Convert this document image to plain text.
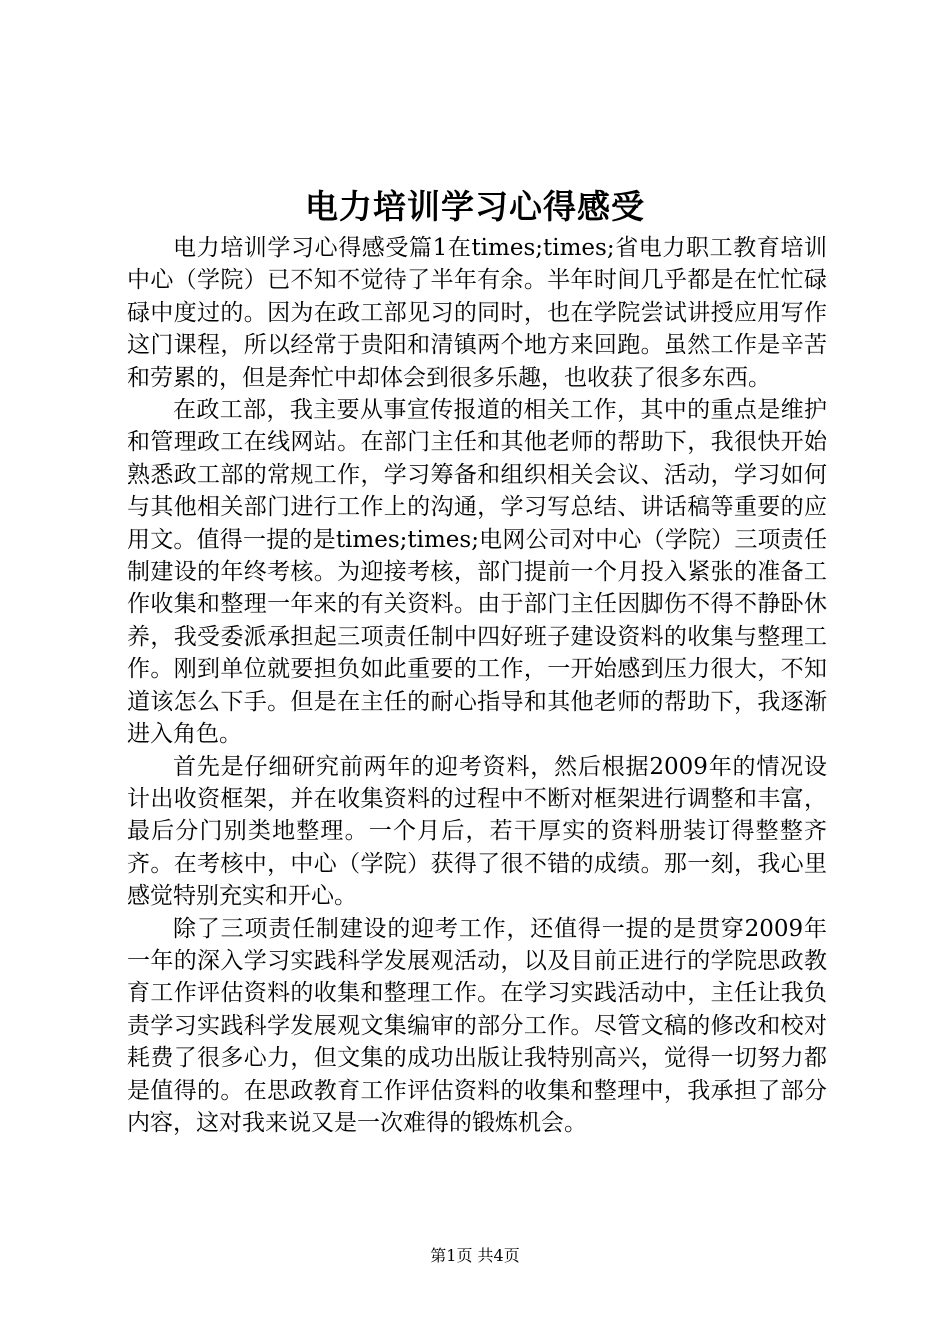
电力培训学习心得感受

电力培训学习心得感受篇1在times;times;省电力职工教育培训中心（学院）已不知不觉待了半年有余。半年时间几乎都是在忙忙碌碌中度过的。因为在政工部见习的同时，也在学院尝试讲授应用写作这门课程，所以经常于贵阳和清镇两个地方来回跑。虽然工作是辛苦和劳累的，但是奔忙中却体会到很多乐趣，也收获了很多东西。

在政工部，我主要从事宣传报道的相关工作，其中的重点是维护和管理政工在线网站。在部门主任和其他老师的帮助下，我很快开始熟悉政工部的常规工作，学习筹备和组织相关会议、活动，学习如何与其他相关部门进行工作上的沟通，学习写总结、讲话稿等重要的应用文。值得一提的是times;times;电网公司对中心（学院）三项责任制建设的年终考核。为迎接考核，部门提前一个月投入紧张的准备工作收集和整理一年来的有关资料。由于部门主任因脚伤不得不静卧休养，我受委派承担起三项责任制中四好班子建设资料的收集与整理工作。刚到单位就要担负如此重要的工作，一开始感到压力很大，不知道该怎么下手。但是在主任的耐心指导和其他老师的帮助下，我逐渐进入角色。

首先是仔细研究前两年的迎考资料，然后根据2009年的情况设计出收资框架，并在收集资料的过程中不断对框架进行调整和丰富，最后分门别类地整理。一个月后，若干厚实的资料册装订得整整齐齐。在考核中，中心（学院）获得了很不错的成绩。那一刻，我心里感觉特别充实和开心。

除了三项责任制建设的迎考工作，还值得一提的是贯穿2009年一年的深入学习实践科学发展观活动，以及目前正进行的学院思政教育工作评估资料的收集和整理工作。在学习实践活动中，主任让我负责学习实践科学发展观文集编审的部分工作。尽管文稿的修改和校对耗费了很多心力，但文集的成功出版让我特别高兴，觉得一切努力都是值得的。在思政教育工作评估资料的收集和整理中，我承担了部分内容，这对我来说又是一次难得的锻炼机会。

第1页 共4页
